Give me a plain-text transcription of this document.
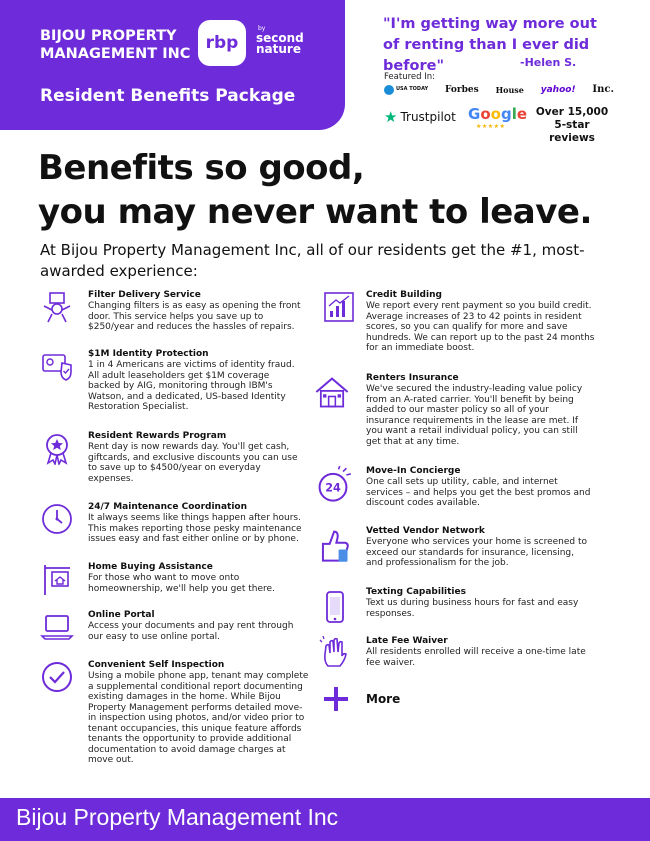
BIJOU PROPERTY MANAGEMENT INC
rbp
by
second nature
Resident Benefits Package
"I'm getting way more out of renting than I ever did before"	-Helen S.
Featured In:
USA TODAY Forbes House yahoo! Inc.
★ Trustpilot Google
★★★★★
Over 15,000 5-star reviews
Benefits so good,
you may never want to leave.
At Bijou Property Management Inc, all of our residents get the #1, most-awarded experience:
Filter Delivery Service
Changing filters is as easy as opening the front door. This service helps you save up to $250/year and reduces the hassles of repairs.
$1M Identity Protection
1 in 4 Americans are victims of identity fraud. All adult leaseholders get $1M coverage backed by AIG, monitoring through IBM's Watson, and a dedicated, US-based Identity Restoration Specialist.
Resident Rewards Program
Rent day is now rewards day. You'll get cash, giftcards, and exclusive discounts you can use to save up to $4500/year on everyday expenses.
24/7 Maintenance Coordination
It always seems like things happen after hours. This makes reporting those pesky maintenance issues easy and fast either online or by phone.
Home Buying Assistance
For those who want to move onto homeownership, we'll help you get there.
Online Portal
Access your documents and pay rent through our easy to use online portal.
Convenient Self Inspection
Using a mobile phone app, tenant may complete a supplemental conditional report documenting existing damages in the home. While Bijou Property Management performs detailed move-in inspection using photos, and/or video prior to tenant occupancies, this unique feature affords tenants the opportunity to provide additional documentation to avoid damage charges at move out.
Credit Building
We report every rent payment so you build credit. Average increases of 23 to 42 points in resident scores, so you can qualify for more and save hundreds. We can report up to the past 24 months for an immediate boost.
Renters Insurance
We've secured the industry-leading value policy from an A-rated carrier. You'll benefit by being added to our master policy so all of your insurance requirements in the lease are met. If you want a retail individual policy, you can still get that at any time.
24
Move-In Concierge
One call sets up utility, cable, and internet services – and helps you get the best promos and discount codes available.
Vetted Vendor Network
Everyone who services your home is screened to exceed our standards for insurance, licensing, and professionalism for the job.
Texting Capabilities
Text us during business hours for fast and easy responses.
Late Fee Waiver
All residents enrolled will receive a one-time late fee waiver.
More
Bijou Property Management Inc
